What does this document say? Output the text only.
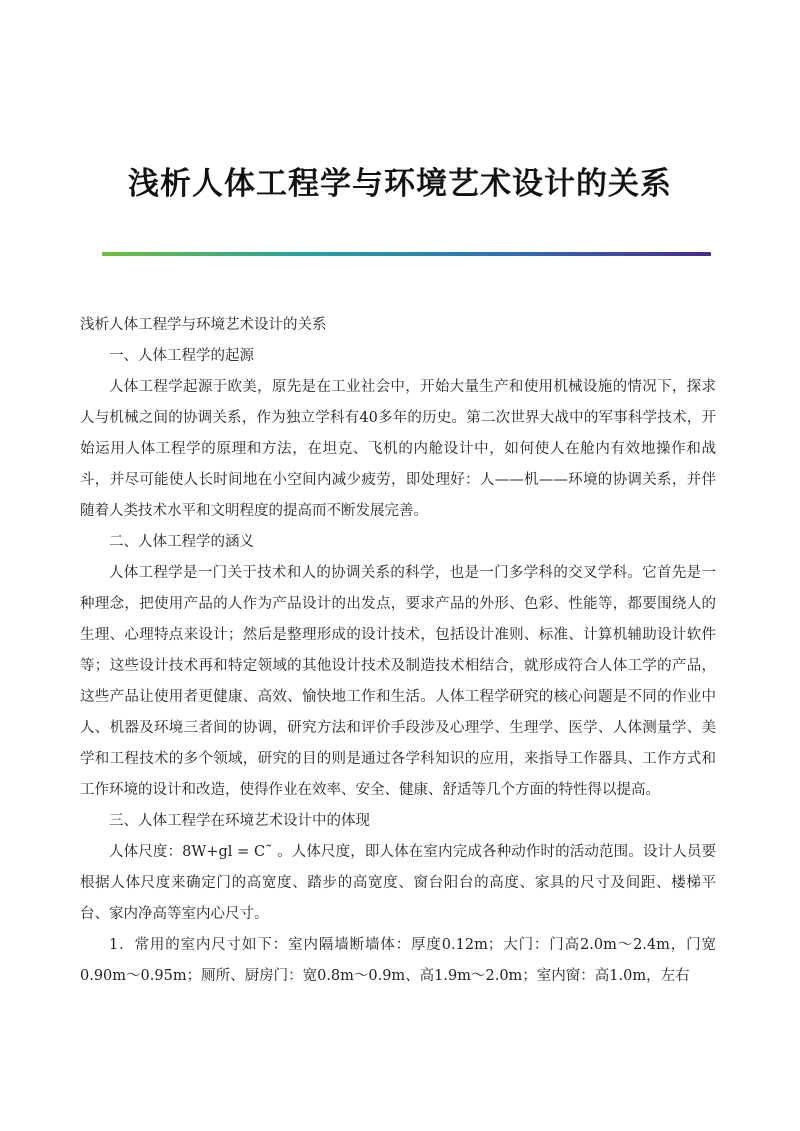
浅析人体工程学与环境艺术设计的关系

浅析人体工程学与环境艺术设计的关系

一、人体工程学的起源

人体工程学起源于欧美，原先是在工业社会中，开始大量生产和使用机械设施的情况下，探求人与机械之间的协调关系，作为独立学科有40多年的历史。第二次世界大战中的军事科学技术，开始运用人体工程学的原理和方法，在坦克、飞机的内舱设计中，如何使人在舱内有效地操作和战斗，并尽可能使人长时间地在小空间内减少疲劳，即处理好：人——机——环境的协调关系，并伴随着人类技术水平和文明程度的提高而不断发展完善。

二、人体工程学的涵义

人体工程学是一门关于技术和人的协调关系的科学，也是一门多学科的交叉学科。它首先是一种理念，把使用产品的人作为产品设计的出发点，要求产品的外形、色彩、性能等，都要围绕人的生理、心理特点来设计；然后是整理形成的设计技术，包括设计准则、标准、计算机辅助设计软件等；这些设计技术再和特定领域的其他设计技术及制造技术相结合，就形成符合人体工学的产品，这些产品让使用者更健康、高效、愉快地工作和生活。人体工程学研究的核心问题是不同的作业中人、机器及环境三者间的协调，研究方法和评价手段涉及心理学、生理学、医学、人体测量学、美学和工程技术的多个领域，研究的目的则是通过各学科知识的应用，来指导工作器具、工作方式和工作环境的设计和改造，使得作业在效率、安全、健康、舒适等几个方面的特性得以提高。

三、人体工程学在环境艺术设计中的体现

人体尺度：8W+gl = C˜ 。人体尺度，即人体在室内完成各种动作时的活动范围。设计人员要根据人体尺度来确定门的高宽度、踏步的高宽度、窗台阳台的高度、家具的尺寸及间距、楼梯平台、家内净高等室内心尺寸。

1．常用的室内尺寸如下：室内隔墙断墙体：厚度0.12m；大门：门高2.0m～2.4m，门宽0.90m～0.95m；厕所、厨房门：宽0.8m～0.9m、高1.9m～2.0m；室内窗：高1.0m，左右
